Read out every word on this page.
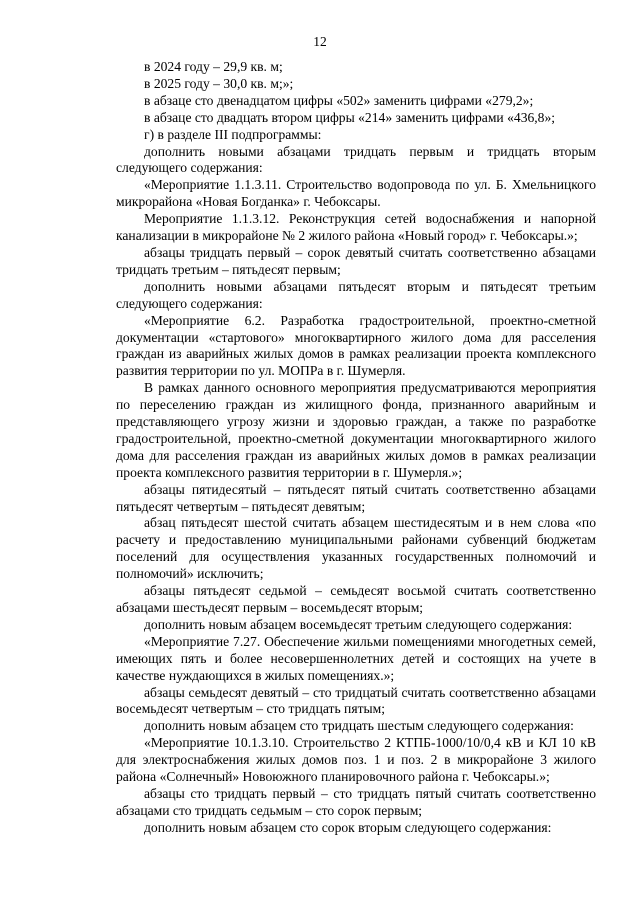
12

в 2024 году – 29,9 кв. м;

в 2025 году – 30,0 кв. м;»;

в абзаце сто двенадцатом цифры «502» заменить цифрами «279,2»;

в абзаце сто двадцать втором цифры «214» заменить цифрами «436,8»;

г) в разделе III подпрограммы:

дополнить новыми абзацами тридцать первым и тридцать вторым следующего содержания:

«Мероприятие 1.1.3.11. Строительство водопровода по ул. Б. Хмельницкого микрорайона «Новая Богданка» г. Чебоксары.

Мероприятие 1.1.3.12. Реконструкция сетей водоснабжения и напорной канализации в микрорайоне № 2 жилого района «Новый город» г. Чебоксары.»;

абзацы тридцать первый – сорок девятый считать соответственно абзацами тридцать третьим – пятьдесят первым;

дополнить новыми абзацами пятьдесят вторым и пятьдесят третьим следующего содержания:

«Мероприятие 6.2. Разработка градостроительной, проектно-сметной документации «стартового» многоквартирного жилого дома для расселения граждан из аварийных жилых домов в рамках реализации проекта комплексного развития территории по ул. МОПРа в г. Шумерля.

В рамках данного основного мероприятия предусматриваются мероприятия по переселению граждан из жилищного фонда, признанного аварийным и представляющего угрозу жизни и здоровью граждан, а также по разработке градостроительной, проектно-сметной документации многоквартирного жилого дома для расселения граждан из аварийных жилых домов в рамках реализации проекта комплексного развития территории в г. Шумерля.»;

абзацы пятидесятый – пятьдесят пятый считать соответственно абзацами пятьдесят четвертым – пятьдесят девятым;

абзац пятьдесят шестой считать абзацем шестидесятым и в нем слова «по расчету и предоставлению муниципальными районами субвенций бюджетам поселений для осуществления указанных государственных полномочий и полномочий» исключить;

абзацы пятьдесят седьмой – семьдесят восьмой считать соответственно абзацами шестьдесят первым – восемьдесят вторым;

дополнить новым абзацем восемьдесят третьим следующего содержания:

«Мероприятие 7.27. Обеспечение жильми помещениями многодетных семей, имеющих пять и более несовершеннолетних детей и состоящих на учете в качестве нуждающихся в жилых помещениях.»;

абзацы семьдесят девятый – сто тридцатый считать соответственно абзацами восемьдесят четвертым – сто тридцать пятым;

дополнить новым абзацем сто тридцать шестым следующего содержания:

«Мероприятие 10.1.3.10. Строительство 2 КТПБ-1000/10/0,4 кВ и КЛ 10 кВ для электроснабжения жилых домов поз. 1 и поз. 2 в микрорайоне 3 жилого района «Солнечный» Новоюжного планировочного района г. Чебоксары.»;

абзацы сто тридцать первый – сто тридцать пятый считать соответственно абзацами сто тридцать седьмым – сто сорок первым;

дополнить новым абзацем сто сорок вторым следующего содержания:
